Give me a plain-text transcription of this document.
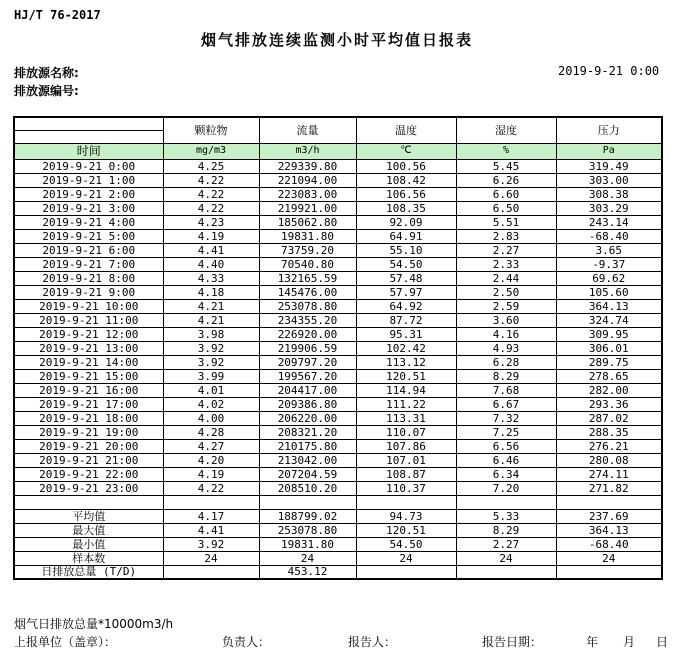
HJ/T 76-2017
烟气排放连续监测小时平均值日报表
排放源名称:	2019-9-21 0:00
排放源编号:
	颗粒物	流量	温度	湿度	压力

时间	mg/m3	m3/h	℃	%	Pa
2019-9-21 0:00	4.25	229339.80	100.56	5.45	319.49
2019-9-21 1:00	4.22	221094.00	108.42	6.26	303.00
2019-9-21 2:00	4.22	223083.00	106.56	6.60	308.38
2019-9-21 3:00	4.22	219921.00	108.35	6.50	303.29
2019-9-21 4:00	4.23	185062.80	92.09	5.51	243.14
2019-9-21 5:00	4.19	19831.80	64.91	2.83	-68.40
2019-9-21 6:00	4.41	73759.20	55.10	2.27	3.65
2019-9-21 7:00	4.40	70540.80	54.50	2.33	-9.37
2019-9-21 8:00	4.33	132165.59	57.48	2.44	69.62
2019-9-21 9:00	4.18	145476.00	57.97	2.50	105.60
2019-9-21 10:00	4.21	253078.80	64.92	2.59	364.13
2019-9-21 11:00	4.21	234355.20	87.72	3.60	324.74
2019-9-21 12:00	3.98	226920.00	95.31	4.16	309.95
2019-9-21 13:00	3.92	219906.59	102.42	4.93	306.01
2019-9-21 14:00	3.92	209797.20	113.12	6.28	289.75
2019-9-21 15:00	3.99	199567.20	120.51	8.29	278.65
2019-9-21 16:00	4.01	204417.00	114.94	7.68	282.00
2019-9-21 17:00	4.02	209386.80	111.22	6.67	293.36
2019-9-21 18:00	4.00	206220.00	113.31	7.32	287.02
2019-9-21 19:00	4.28	208321.20	110.07	7.25	288.35
2019-9-21 20:00	4.27	210175.80	107.86	6.56	276.21
2019-9-21 21:00	4.20	213042.00	107.01	6.46	280.08
2019-9-21 22:00	4.19	207204.59	108.87	6.34	274.11
2019-9-21 23:00	4.22	208510.20	110.37	7.20	271.82

平均值	4.17	188799.02	94.73	5.33	237.69
最大值	4.41	253078.80	120.51	8.29	364.13
最小值	3.92	19831.80	54.50	2.27	-68.40
样本数	24	24	24	24	24
日排放总量 (T/D)		453.12			
烟气日排放总量*10000m3/h
上报单位（盖章）：	负责人：	报告人：	报告日期：	年 月 日
